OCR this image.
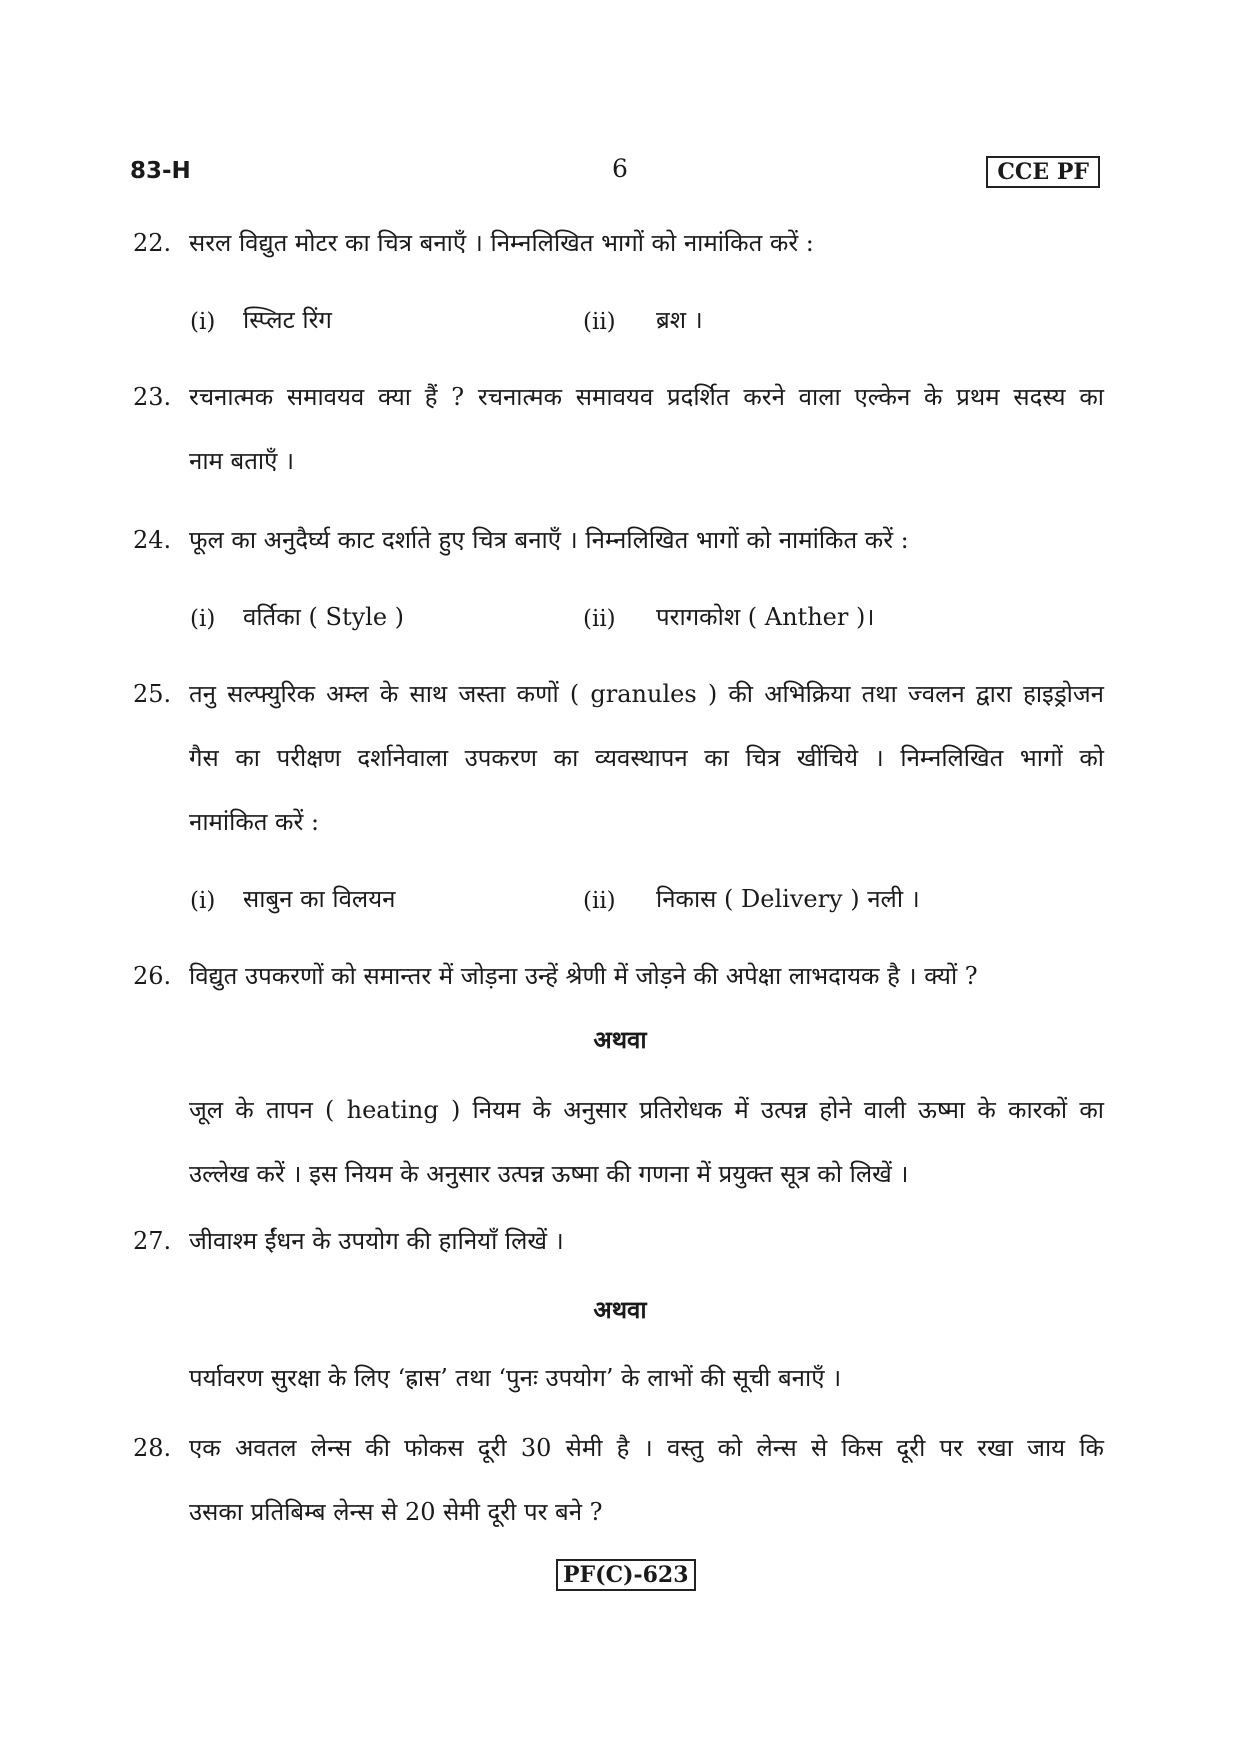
83-H	6	CCE PF
22. सरल विद्युत मोटर का चित्र बनाएँ । निम्नलिखित भागों को नामांकित करें :
(i) स्प्लिट रिंग	(ii) ब्रश ।
23. रचनात्मक समावयव क्या हैं ? रचनात्मक समावयव प्रदर्शित करने वाला एल्केन के प्रथम सदस्य का
नाम बताएँ ।
24. फूल का अनुदैर्घ्य काट दर्शाते हुए चित्र बनाएँ । निम्नलिखित भागों को नामांकित करें :
(i) वर्तिका ( Style )	(ii) परागकोश ( Anther )।
25. तनु सल्फ्युरिक अम्ल के साथ जस्ता कणों ( granules ) की अभिक्रिया तथा ज्वलन द्वारा हाइड्रोजन
गैस का परीक्षण दर्शानेवाला उपकरण का व्यवस्थापन का चित्र खींचिये । निम्नलिखित भागों को
नामांकित करें :
(i) साबुन का विलयन	(ii) निकास ( Delivery ) नली ।
26. विद्युत उपकरणों को समान्तर में जोड़ना उन्हें श्रेणी में जोड़ने की अपेक्षा लाभदायक है । क्यों ?
अथवा
जूल के तापन ( heating ) नियम के अनुसार प्रतिरोधक में उत्पन्न होने वाली ऊष्मा के कारकों का
उल्लेख करें । इस नियम के अनुसार उत्पन्न ऊष्मा की गणना में प्रयुक्त सूत्र को लिखें ।
27. जीवाश्म ईंधन के उपयोग की हानियाँ लिखें ।
अथवा
पर्यावरण सुरक्षा के लिए ‘ह्रास’ तथा ‘पुनः उपयोग’ के लाभों की सूची बनाएँ ।
28. एक अवतल लेन्स की फोकस दूरी 30 सेमी है । वस्तु को लेन्स से किस दूरी पर रखा जाय कि
उसका प्रतिबिम्ब लेन्स से 20 सेमी दूरी पर बने ?
PF(C)-623
